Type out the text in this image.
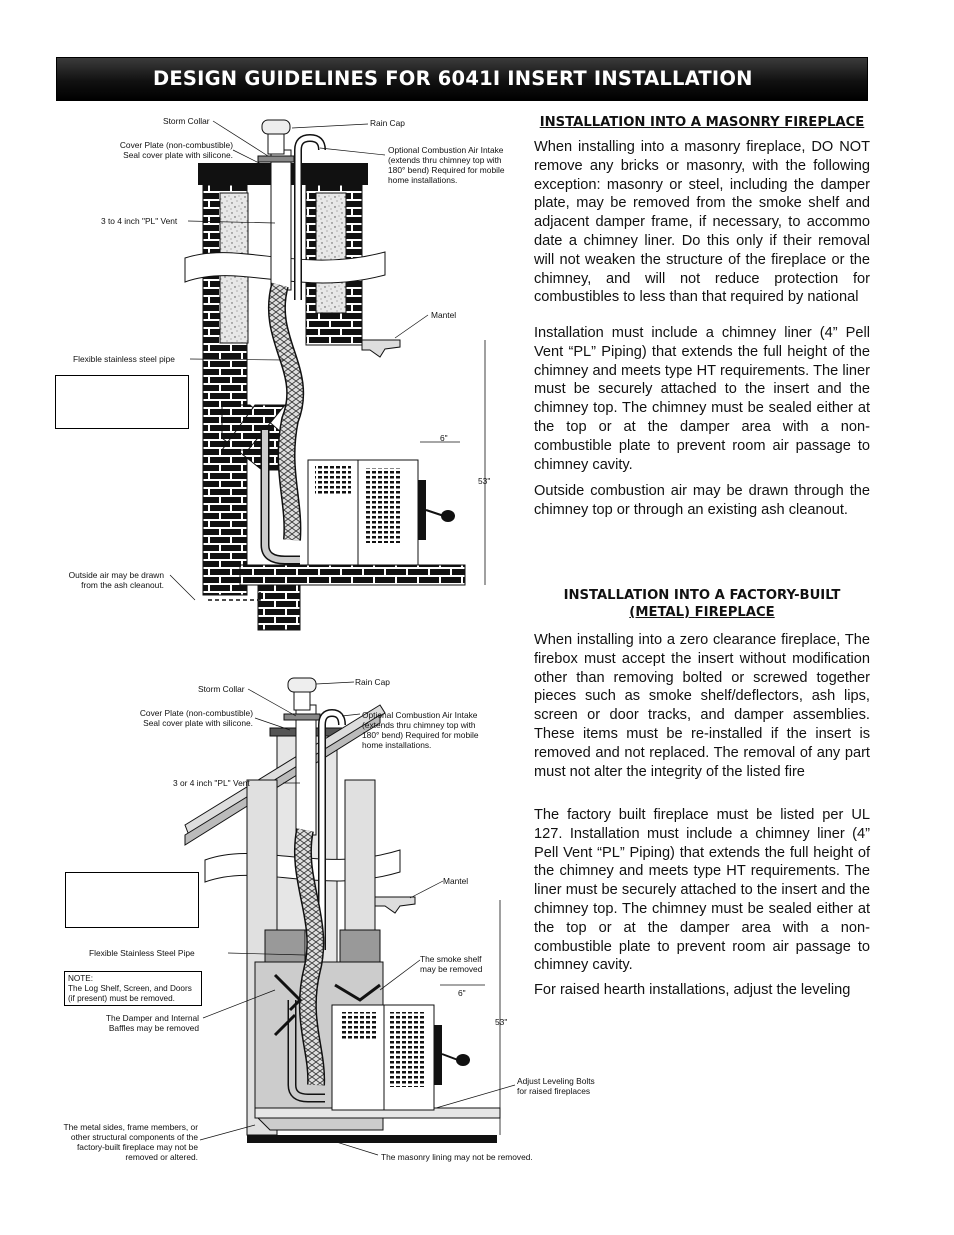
DESIGN GUIDELINES FOR 6041I INSERT INSTALLATION
INSTALLATION INTO A MASONRY FIREPLACE

When installing into a masonry fireplace, DO NOT remove any bricks or masonry, with the following exception: masonry or steel, including the damper plate, may be removed from the smoke shelf and adjacent damper frame, if necessary, to accommo date a chimney liner. Do this only if their removal will not weaken the structure of the fireplace or the chimney, and will not reduce protection for combustibles to less than that required by national

Installation must include a chimney liner (4” Pell Vent “PL” Piping) that extends the full height of the chimney and meets type HT requirements. The liner must be securely attached to the insert and the chimney top. The chimney must be sealed either at the top or at the damper area with a non-combustible plate to prevent room air passage to chimney cavity.

Outside combustion air may be drawn through the chimney top or through an existing ash cleanout.

INSTALLATION INTO A FACTORY-BUILT
(METAL) FIREPLACE

When installing into a zero clearance fireplace, The firebox must accept the insert without modification other than removing bolted or screwed together pieces such as smoke shelf/deflectors, ash lips, screen or door tracks, and damper assemblies. These items must be re-installed if the insert is removed and not replaced. The removal of any part must not alter the integrity of the listed fire

The factory built fireplace must be listed per UL 127. Installation must include a chimney liner (4” Pell Vent “PL” Piping) that extends the full height of the chimney and meets type HT requirements. The liner must be securely attached to the insert and the chimney top. The chimney must be sealed either at the top or at the damper area with a non-combustible plate to prevent room air passage to chimney cavity.

For raised hearth installations, adjust the leveling

Storm Collar	Rain Cap
Cover Plate (non-combustible)
Seal cover plate with silicone.	Optional Combustion Air Intake
(extends thru chimney top with
180° bend) Required for mobile
home installations.
3 to 4 inch "PL" Vent
Mantel
Flexible stainless steel pipe
6"
53"
Outside air may be drawn
from the ash cleanout.
Storm Collar
Rain Cap
Cover Plate (non-combustible)
Seal cover plate with silicone.
Optional Combustion Air Intake
(extends thru chimney top with
180° bend) Required for mobile
home installations.
3 or 4 inch "PL" Vent
Mantel
Flexible Stainless Steel Pipe
The smoke shelf
may be removed
6"
53"
NOTE:
The Log Shelf, Screen, and Doors
(if present) must be removed.
The Damper and Internal
Baffles may be removed
Adjust Leveling Bolts
for raised fireplaces
The metal sides, frame members, or
other structural components of the
factory-built fireplace may not be
removed or altered.	The masonry lining may not be removed.
